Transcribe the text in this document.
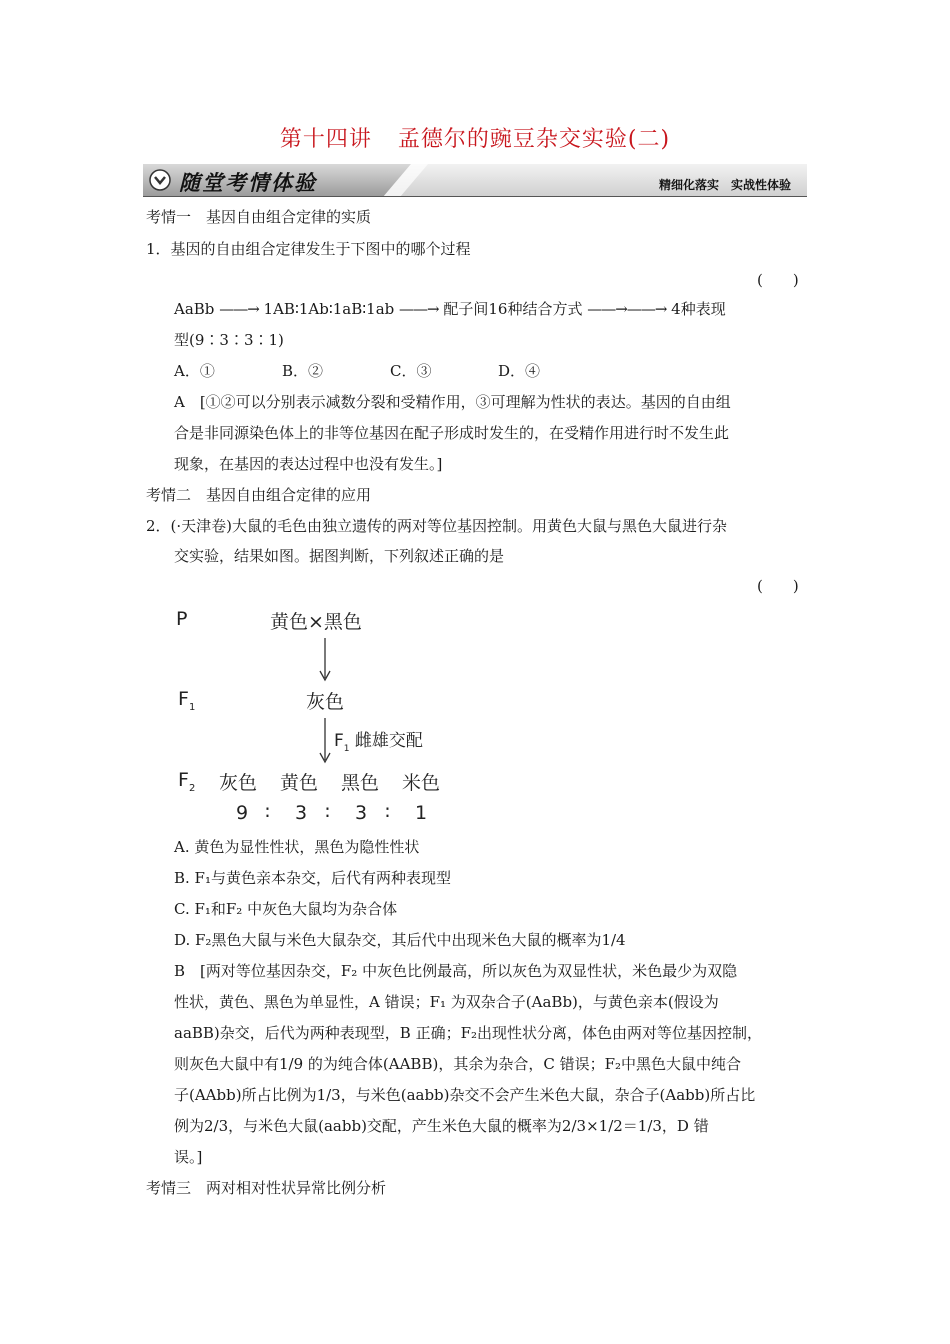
第十四讲 孟德尔的豌豆杂交实验(二)
随堂考情体验	精细化落实　实战性体验
考情一　基因自由组合定律的实质
1．基因的自由组合定律发生于下图中的哪个过程
(　　)
AaBb ——→ 1AB∶1Ab∶1aB∶1ab ——→ 配子间16种结合方式 ——→——→ 4种表现
型(9∶3∶3∶1)
A．①	B．②	C．③	D．④
A　[①②可以分别表示减数分裂和受精作用，③可理解为性状的表达。基因的自由组
合是非同源染色体上的非等位基因在配子形成时发生的，在受精作用进行时不发生此
现象，在基因的表达过程中也没有发生。]
考情二　基因自由组合定律的应用
2．(·天津卷)大鼠的毛色由独立遗传的两对等位基因控制。用黄色大鼠与黑色大鼠进行杂
交实验，结果如图。据图判断，下列叙述正确的是
(　　)
P	黄色×黑色
$F_1$	灰色
$F_1$ 雌雄交配
$F_2$ 灰色 黄色 黑色 米色
9 ∶ 3 ∶ 3 ∶ 1
A. 黄色为显性性状，黑色为隐性性状
B. F₁与黄色亲本杂交，后代有两种表现型
C. F₁和F₂ 中灰色大鼠均为杂合体
D. F₂黑色大鼠与米色大鼠杂交，其后代中出现米色大鼠的概率为1/4
B　[两对等位基因杂交，F₂ 中灰色比例最高，所以灰色为双显性状，米色最少为双隐
性状，黄色、黑色为单显性，A 错误；F₁ 为双杂合子(AaBb)，与黄色亲本(假设为
aaBB)杂交，后代为两种表现型，B 正确；F₂出现性状分离，体色由两对等位基因控制，
则灰色大鼠中有1/9 的为纯合体(AABB)，其余为杂合，C 错误；F₂中黑色大鼠中纯合
子(AAbb)所占比例为1/3，与米色(aabb)杂交不会产生米色大鼠，杂合子(Aabb)所占比
例为2/3，与米色大鼠(aabb)交配，产生米色大鼠的概率为2/3×1/2＝1/3，D 错
误。]
考情三　两对相对性状异常比例分析
